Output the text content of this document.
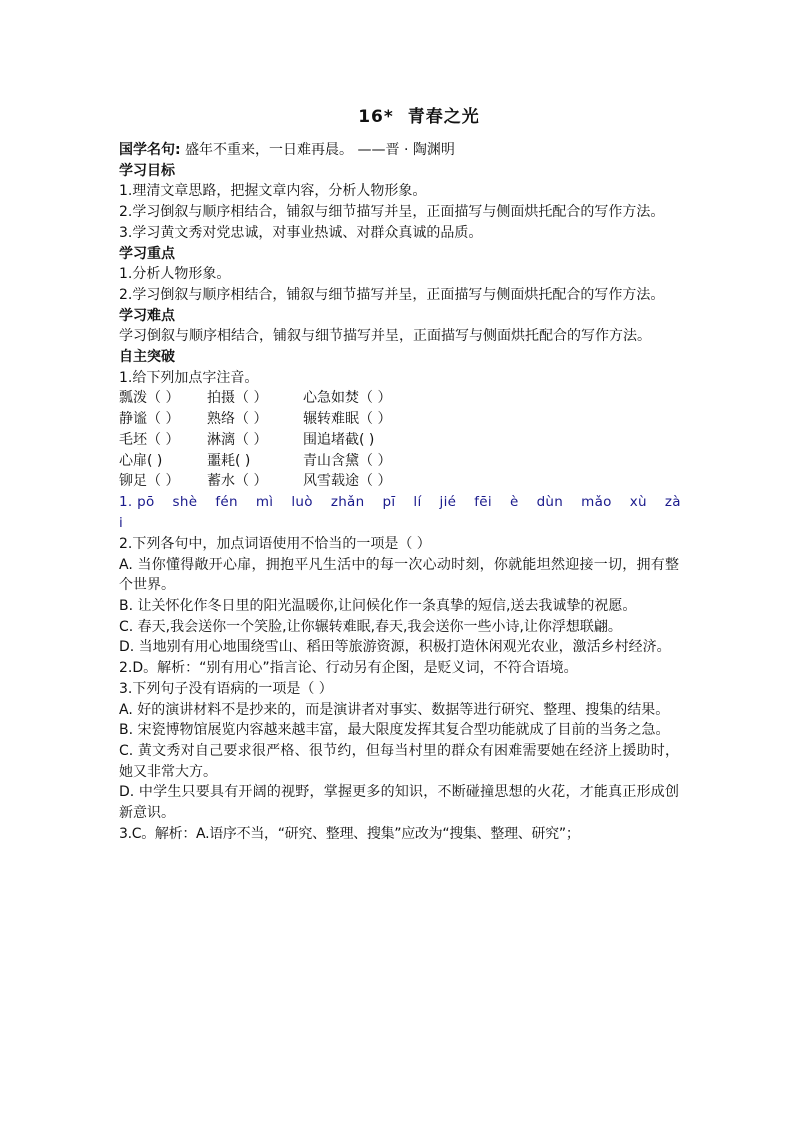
16* 青春之光
国学名句: 盛年不重来，一日难再晨。 ——晋 · 陶渊明
学习目标
1.理清文章思路，把握文章内容，分析人物形象。
2.学习倒叙与顺序相结合，铺叙与细节描写并呈，正面描写与侧面烘托配合的写作方法。
3.学习黄文秀对党忠诚，对事业热诚、对群众真诚的品质。
学习重点
1.分析人物形象。
2.学习倒叙与顺序相结合，铺叙与细节描写并呈，正面描写与侧面烘托配合的写作方法。
学习难点
学习倒叙与顺序相结合，铺叙与细节描写并呈，正面描写与侧面烘托配合的写作方法。
自主突破
1.给下列加点字注音。
瓢泼（ ）	拍摄（ ）	心急如焚（ ）
静谧（ ）	熟络（ ）	辗转难眠（ ）
毛坯（ ）	淋漓（ ）	围追堵截( )
心扉( )	噩耗( )	青山含黛（ ）
铆足（ ）	蓄水（ ）	风雪载途（ ）
1. pō shè fén mì luò zhǎn pī lí jié fēi è dùn mǎo xù zà
i
2.下列各句中，加点词语使用不恰当的一项是（ ）
A. 当你懂得敞开心扉，拥抱平凡生活中的每一次心动时刻，你就能坦然迎接一切，拥有整个世界。
B. 让关怀化作冬日里的阳光温暖你,让问候化作一条真挚的短信,送去我诚挚的祝愿。
C. 春天,我会送你一个笑脸,让你辗转难眠,春天,我会送你一些小诗,让你浮想联翩。
D. 当地别有用心地围绕雪山、稻田等旅游资源，积极打造休闲观光农业，激活乡村经济。
2.D。解析：“别有用心”指言论、行动另有企图，是贬义词，不符合语境。
3.下列句子没有语病的一项是（ ）
A. 好的演讲材料不是抄来的，而是演讲者对事实、数据等进行研究、整理、搜集的结果。
B. 宋瓷博物馆展览内容越来越丰富，最大限度发挥其复合型功能就成了目前的当务之急。
C. 黄文秀对自己要求很严格、很节约，但每当村里的群众有困难需要她在经济上援助时，她又非常大方。
D. 中学生只要具有开阔的视野，掌握更多的知识，不断碰撞思想的火花，才能真正形成创新意识。
3.C。解析：A.语序不当，“研究、整理、搜集”应改为“搜集、整理、研究”；
